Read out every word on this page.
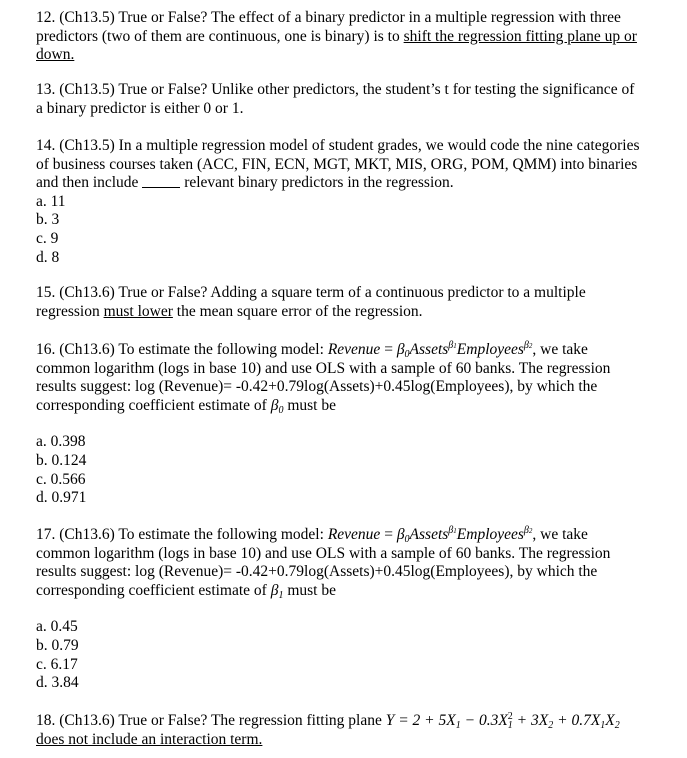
12. (Ch13.5) True or False? The effect of a binary predictor in a multiple regression with three
predictors (two of them are continuous, one is binary) is to shift the regression fitting plane up or
down.
13. (Ch13.5) True or False? Unlike other predictors, the student’s t for testing the significance of
a binary predictor is either 0 or 1.
14. (Ch13.5) In a multiple regression model of student grades, we would code the nine categories
of business courses taken (ACC, FIN, ECN, MGT, MKT, MIS, ORG, POM, QMM) into binaries
and then include  relevant binary predictors in the regression.
a. 11
b. 3
c. 9
d. 8
15. (Ch13.6) True or False? Adding a square term of a continuous predictor to a multiple
regression must lower the mean square error of the regression.
16. (Ch13.6) To estimate the following model: Revenue = β0Assets$^{\beta 1}$Employees$^{\beta 2}$, we take
common logarithm (logs in base 10) and use OLS with a sample of 60 banks. The regression
results suggest: log (Revenue)= -0.42+0.79log(Assets)+0.45log(Employees), by which the
corresponding coefficient estimate of β0 must be
a. 0.398
b. 0.124
c. 0.566
d. 0.971
17. (Ch13.6) To estimate the following model: Revenue = β0Assets$^{\beta 1}$Employees$^{\beta 2}$, we take
common logarithm (logs in base 10) and use OLS with a sample of 60 banks. The regression
results suggest: log (Revenue)= -0.42+0.79log(Assets)+0.45log(Employees), by which the
corresponding coefficient estimate of β1 must be
a. 0.45
b. 0.79
c. 6.17
d. 3.84
18. (Ch13.6) True or False? The regression fitting plane $Y = 2 + 5X1 - 0.3X^21 + 3X2 + 0.7X1X2$
does not include an interaction term.
